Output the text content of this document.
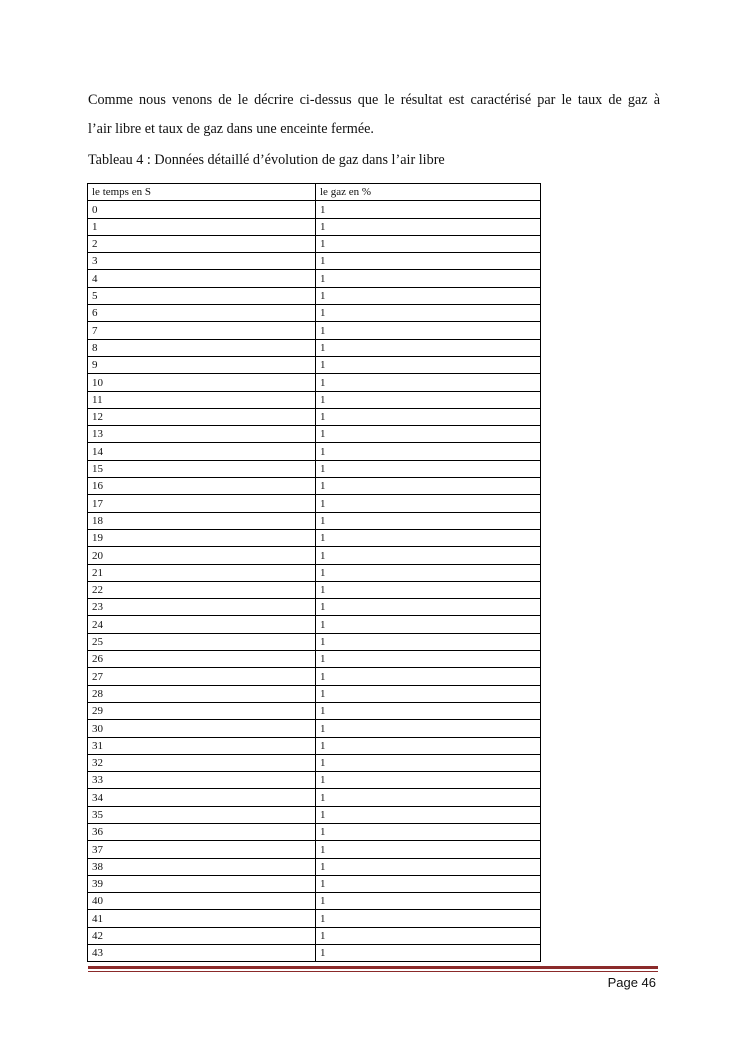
Comme nous venons de le décrire ci-dessus que le résultat est caractérisé par le taux de gaz à
l’air libre et taux de gaz dans une enceinte fermée.

Tableau 4 : Données détaillé d’évolution de gaz dans l’air libre

le temps en S	le gaz en %
0	1
1	1
2	1
3	1
4	1
5	1
6	1
7	1
8	1
9	1
10	1
11	1
12	1
13	1
14	1
15	1
16	1
17	1
18	1
19	1
20	1
21	1
22	1
23	1
24	1
25	1
26	1
27	1
28	1
29	1
30	1
31	1
32	1
33	1
34	1
35	1
36	1
37	1
38	1
39	1
40	1
41	1
42	1
43	1
Page 46
